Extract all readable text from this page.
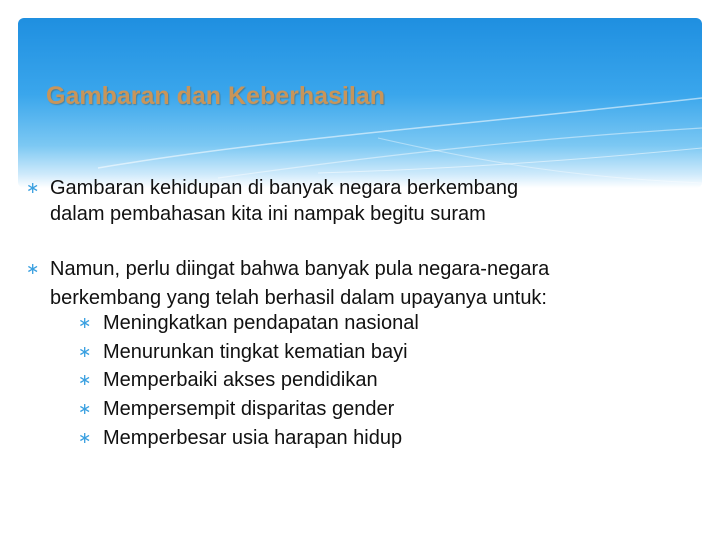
Gambaran dan Keberhasilan
∗ Gambaran kehidupan di banyak negara berkembang
dalam pembahasan kita ini nampak begitu suram
∗ Namun, perlu diingat bahwa banyak pula negara-negara
berkembang yang telah berhasil dalam upayanya untuk:
∗ Meningkatkan pendapatan nasional
∗ Menurunkan tingkat kematian bayi
∗ Memperbaiki akses pendidikan
∗ Mempersempit disparitas gender
∗ Memperbesar usia harapan hidup
